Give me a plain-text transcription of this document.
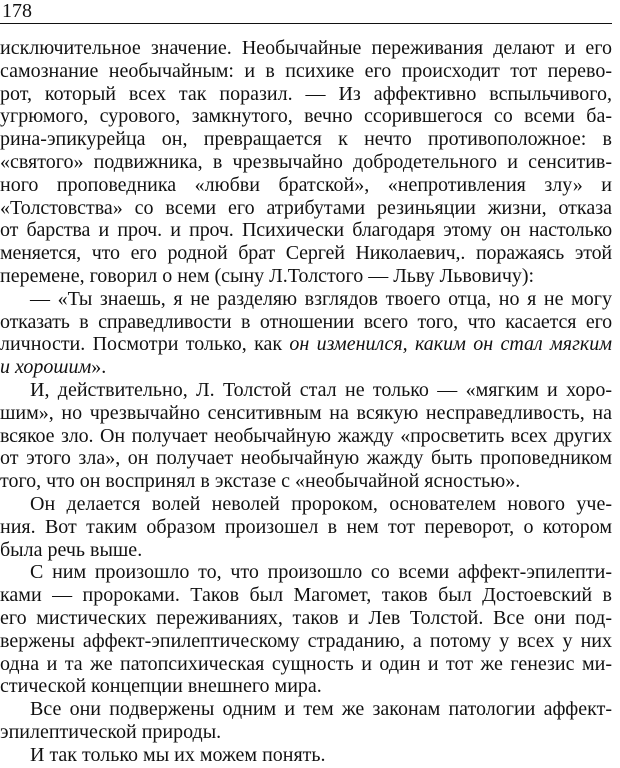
178
исключительное значение. Необычайные переживания делают и его
самознание необычайным: и в психике его происходит тот перево-
рот, который всех так поразил. — Из аффективно вспыльчивого,
угрюмого, сурового, замкнутого, вечно ссорившегося со всеми ба-
рина-эпикурейца он, превращается к нечто противоположное: в
«святого» подвижника, в чрезвычайно добродетельного и сенситив-
ного проповедника «любви братской», «непротивления злу» и
«Толстовства» со всеми его атрибутами резиньяции жизни, отказа
от барства и проч. и проч. Психически благодаря этому он настолько
меняется, что его родной брат Сергей Николаевич,. поражаясь этой
перемене, говорил о нем (сыну Л.Толстого — Льву Львовичу):
— «Ты знаешь, я не разделяю взглядов твоего отца, но я не могу
отказать в справедливости в отношении всего того, что касается его
личности. Посмотри только, как он изменился, каким он стал мягким
и хорошим».
И, действительно, Л. Толстой стал не только — «мягким и хоро-
шим», но чрезвычайно сенситивным на всякую несправедливость, на
всякое зло. Он получает необычайную жажду «просветить всех других
от этого зла», он получает необычайную жажду быть проповедником
того, что он воспринял в экстазе с «необычайной ясностью».
Он делается волей неволей пророком, основателем нового уче-
ния. Вот таким образом произошел в нем тот переворот, о котором
была речь выше.
С ним произошло то, что произошло со всеми аффект-эпилепти-
ками — пророками. Таков был Магомет, таков был Достоевский в
его мистических переживаниях, таков и Лев Толстой. Все они под-
вержены аффект-эпилептическому страданию, а потому у всех у них
одна и та же патопсихическая сущность и один и тот же генезис ми-
стической концепции внешнего мира.
Все они подвержены одним и тем же законам патологии аффект-
эпилептической природы.
И так только мы их можем понять.
